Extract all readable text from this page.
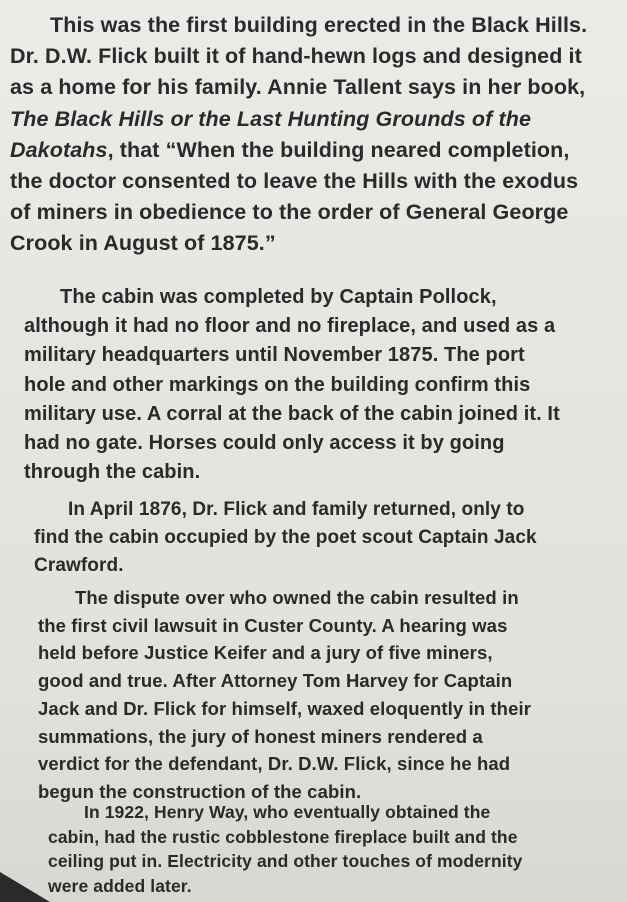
This was the first building erected in the Black Hills.

Dr. D.W. Flick built it of hand-hewn logs and designed it

as a home for his family. Annie Tallent says in her book,

The Black Hills or the Last Hunting Grounds of the

Dakotahs, that “When the building neared completion,

the doctor consented to leave the Hills with the exodus

of miners in obedience to the order of General George

Crook in August of 1875.”

The cabin was completed by Captain Pollock,

although it had no floor and no fireplace, and used as a

military headquarters until November 1875. The port

hole and other markings on the building confirm this

military use. A corral at the back of the cabin joined it. It

had no gate. Horses could only access it by going

through the cabin.

In April 1876, Dr. Flick and family returned, only to

find the cabin occupied by the poet scout Captain Jack

Crawford.

The dispute over who owned the cabin resulted in

the first civil lawsuit in Custer County. A hearing was

held before Justice Keifer and a jury of five miners,

good and true. After Attorney Tom Harvey for Captain

Jack and Dr. Flick for himself, waxed eloquently in their

summations, the jury of honest miners rendered a

verdict for the defendant, Dr. D.W. Flick, since he had

begun the construction of the cabin.

In 1922, Henry Way, who eventually obtained the

cabin, had the rustic cobblestone fireplace built and the

ceiling put in. Electricity and other touches of modernity

were added later.
